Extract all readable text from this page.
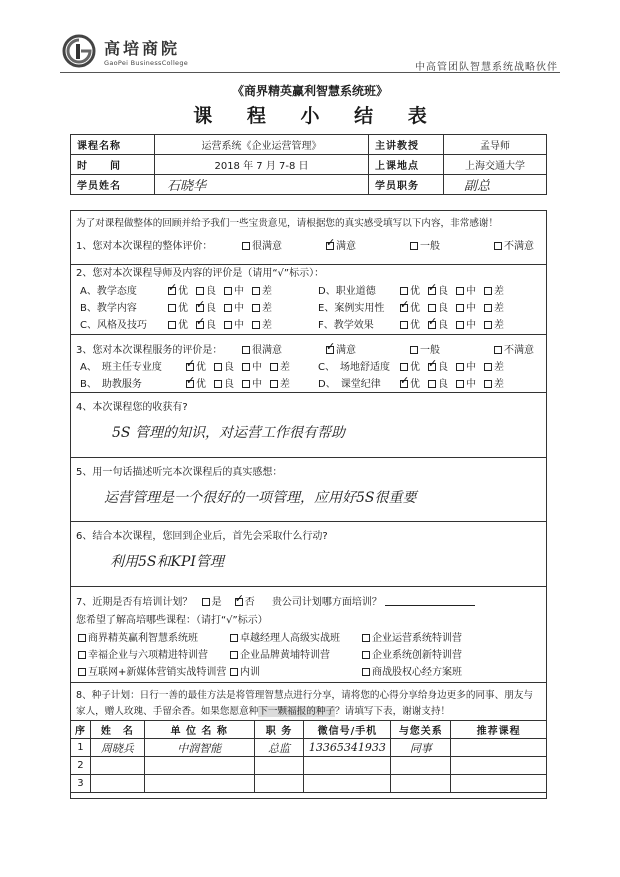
高培商院
GaoPei BusinessCollege	中高管团队智慧系统战略伙伴
《商界精英赢利智慧系统班》
课 程 小 结 表
课程名称	运营系统《企业运营管理》	主讲教授	孟导师
时　　间	2018 年 7 月 7-8 日	上课地点	上海交通大学
学员姓名	石晓华	学员职务	副总
为了对课程做整体的回顾并给予我们一些宝贵意见，请根据您的真实感受填写以下内容，非常感谢！
1、您对本次课程的整体评价：	很满意 ✓	满意	一般	不满意
2、您对本次课程导师及内容的评价是（请用“√”标示）：
A、教学态度 ✓	优	良	中	差	D、职业道德	优 ✓	良	中	差
B、教学内容	优 ✓	良	中	差	E、案例实用性 ✓	优	良	中	差
C、风格及技巧	优 ✓	良	中	差	F、教学效果	优 ✓	良	中	差
3、您对本次课程服务的评价是：	很满意 ✓	满意	一般	不满意
A、　班主任专业度 ✓	优	良	中	差	C、　场地舒适度	优 ✓	良	中	差
B、　助教服务 ✓	优	良	中	差	D、　课堂纪律 ✓	优	良	中	差
4、本次课程您的收获有?
5S 管理的知识，对运营工作很有帮助
5、用一句话描述听完本次课程后的真实感想：
运营管理是一个很好的一项管理，应用好5S很重要
6、结合本次课程，您回到企业后，首先会采取什么行动?
利用5S和KPI管理
7、近期是否有培训计划？ 是 ✓ 否 贵公司计划哪方面培训？
您希望了解高培哪些课程：（请打“√”标示）
商界精英赢利智慧系统班	卓越经理人高级实战班	企业运营系统特训营
幸福企业与六项精进特训营	企业品牌黄埔特训营	企业系统创新特训营
互联网+新媒体营销实战特训营	内训	商战股权心经方案班
8、种子计划：日行一善的最佳方法是将管理智慧点进行分享，请将您的心得分享给身边更多的同事、朋友与家人，赠人玫瑰、手留余香。如果您愿意种下一颗福报的种子？请填写下表，谢谢支持！
序	姓　名	单 位 名 称	职 务	微信号/手机	与您关系	推荐课程
1	周晓兵	中润智能	总监	13365341933	同事	
2						
3						
